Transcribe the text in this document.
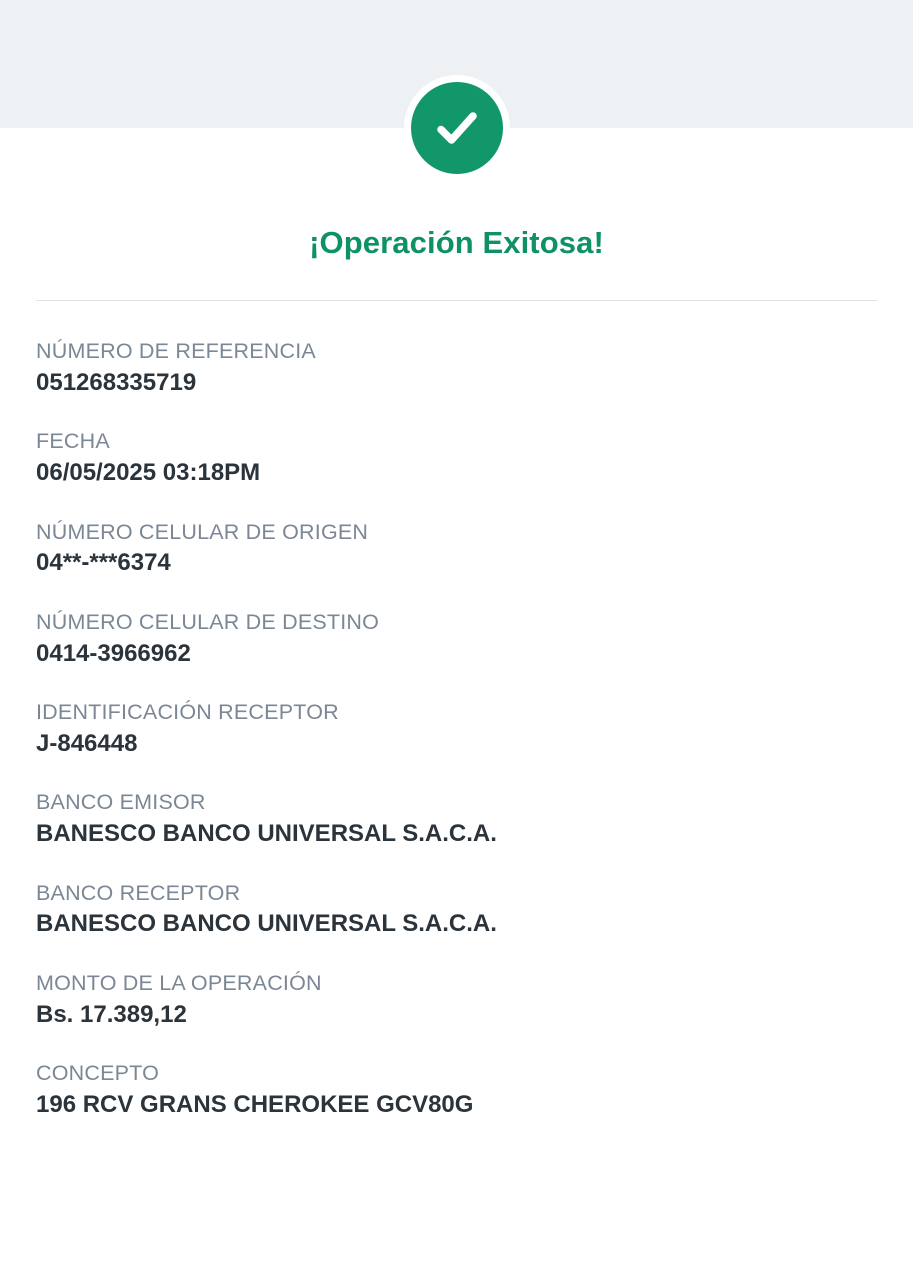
¡Operación Exitosa!
NÚMERO DE REFERENCIA
051268335719
FECHA
06/05/2025 03:18PM
NÚMERO CELULAR DE ORIGEN
04**-***6374
NÚMERO CELULAR DE DESTINO
0414-3966962
IDENTIFICACIÓN RECEPTOR
J-846448
BANCO EMISOR
BANESCO BANCO UNIVERSAL S.A.C.A.
BANCO RECEPTOR
BANESCO BANCO UNIVERSAL S.A.C.A.
MONTO DE LA OPERACIÓN
Bs. 17.389,12
CONCEPTO
196 RCV GRANS CHEROKEE GCV80G
